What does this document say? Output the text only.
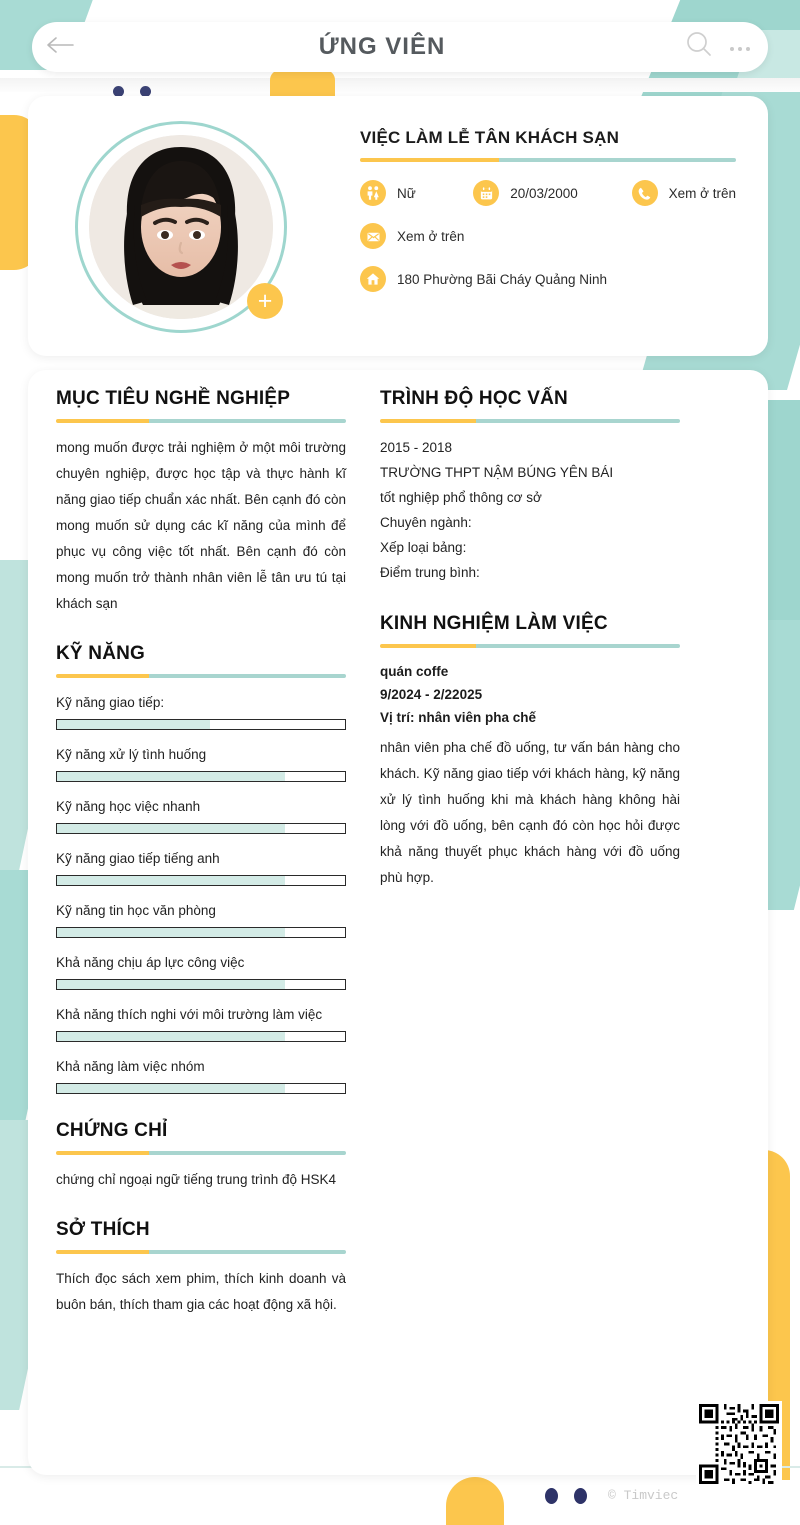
ỨNG VIÊN
+
VIỆC LÀM LỄ TÂN KHÁCH SẠN
Nữ	20/03/2000	Xem ở trên
Xem ở trên
180 Phường Bãi Cháy Quảng Ninh
MỤC TIÊU NGHỀ NGHIỆP
mong muốn được trải nghiệm ở một môi trường chuyên nghiệp, được học tập và thực hành kĩ năng giao tiếp chuẩn xác nhất. Bên cạnh đó còn mong muốn sử dụng các kĩ năng của mình để phục vụ công việc tốt nhất. Bên cạnh đó còn mong muốn trở thành nhân viên lễ tân ưu tú tại khách sạn
KỸ NĂNG
Kỹ năng giao tiếp:
Kỹ năng xử lý tình huống
Kỹ năng học việc nhanh
Kỹ năng giao tiếp tiếng anh
Kỹ năng tin học văn phòng
Khả năng chịu áp lực công việc
Khả năng thích nghi với môi trường làm việc
Khả năng làm việc nhóm
CHỨNG CHỈ
chứng chỉ ngoại ngữ tiếng trung trình độ HSK4
SỞ THÍCH
Thích đọc sách xem phim, thích kinh doanh và buôn bán, thích tham gia các hoạt động xã hội.
TRÌNH ĐỘ HỌC VẤN
2015 - 2018
TRƯỜNG THPT NẬM BÚNG YÊN BÁI
tốt nghiệp phổ thông cơ sở
Chuyên ngành:
Xếp loại bảng:
Điểm trung bình:
KINH NGHIỆM LÀM VIỆC
quán coffe
9/2024 - 2/22025
Vị trí: nhân viên pha chế
nhân viên pha chế đồ uống, tư vấn bán hàng cho khách. Kỹ năng giao tiếp với khách hàng, kỹ năng xử lý tình huống khi mà khách hàng không hài lòng với đồ uống, bên cạnh đó còn học hỏi được khả năng thuyết phục khách hàng với đồ uống phù hợp.
© Timviec
